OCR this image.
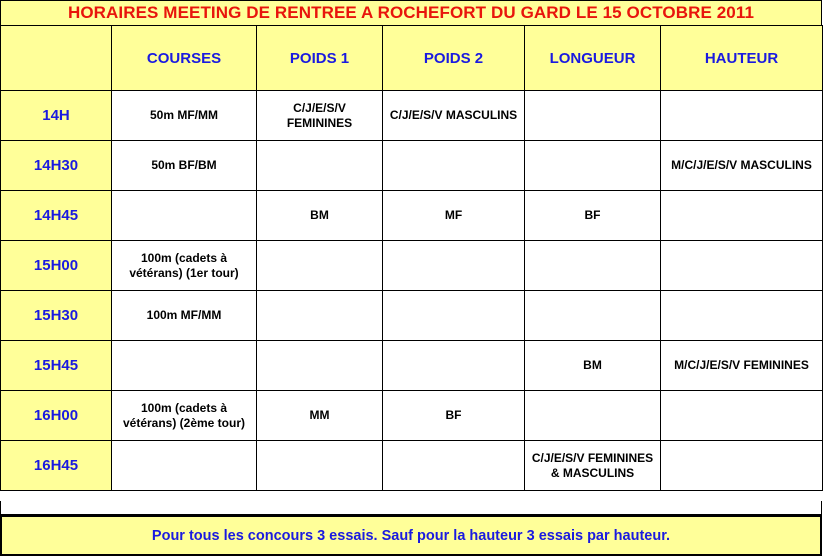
HORAIRES MEETING DE RENTREE A ROCHEFORT DU GARD LE 15 OCTOBRE 2011
	COURSES	POIDS 1	POIDS 2	LONGUEUR	HAUTEUR
14H	50m MF/MM	C/J/E/S/V FEMININES	C/J/E/S/V MASCULINS		
14H30	50m BF/BM				M/C/J/E/S/V MASCULINS
14H45		BM	MF	BF	
15H00	100m (cadets à vétérans) (1er tour)				
15H30	100m MF/MM				
15H45				BM	M/C/J/E/S/V FEMININES
16H00	100m (cadets à vétérans) (2ème tour)	MM	BF		
16H45				C/J/E/S/V FEMININES & MASCULINS	
Pour tous les concours 3 essais. Sauf pour la hauteur 3 essais par hauteur.
